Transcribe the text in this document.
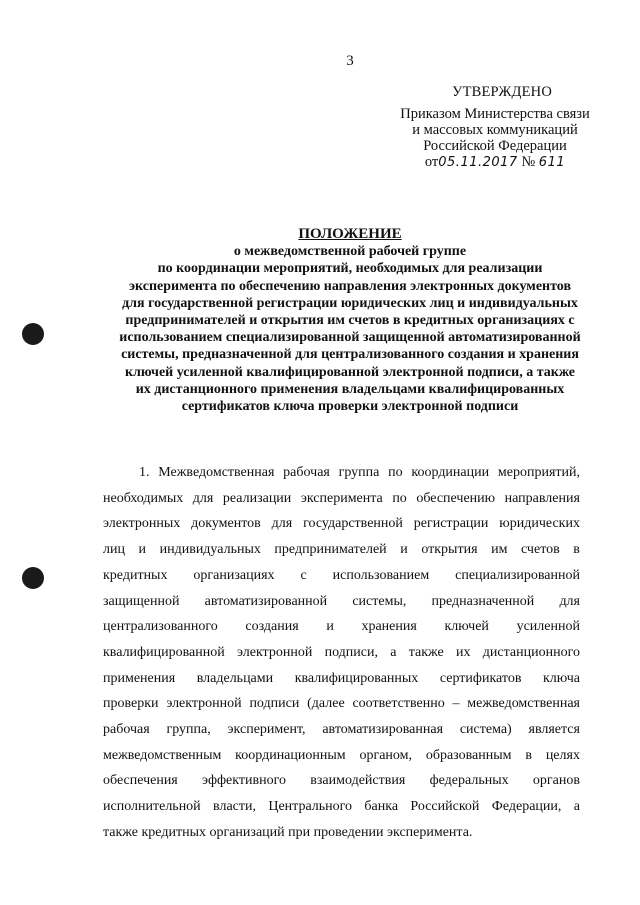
3
УТВЕРЖДЕНО
Приказом Министерства связи
и массовых коммуникаций
Российской Федерации
от05.11.2017 № 611
ПОЛОЖЕНИЕ
о межведомственной рабочей группе
по координации мероприятий, необходимых для реализации
эксперимента по обеспечению направления электронных документов
для государственной регистрации юридических лиц и индивидуальных
предпринимателей и открытия им счетов в кредитных организациях с
использованием специализированной защищенной автоматизированной
системы, предназначенной для централизованного создания и хранения
ключей усиленной квалифицированной электронной подписи, а также
их дистанционного применения владельцами квалифицированных
сертификатов ключа проверки электронной подписи
1. Межведомственная рабочая группа по координации мероприятий,
необходимых для реализации эксперимента по обеспечению направления
электронных документов для государственной регистрации юридических
лиц и индивидуальных предпринимателей и открытия им счетов в
кредитных организациях с использованием специализированной
защищенной автоматизированной системы, предназначенной для
централизованного создания и хранения ключей усиленной
квалифицированной электронной подписи, а также их дистанционного
применения владельцами квалифицированных сертификатов ключа
проверки электронной подписи (далее соответственно – межведомственная
рабочая группа, эксперимент, автоматизированная система) является
межведомственным координационным органом, образованным в целях
обеспечения эффективного взаимодействия федеральных органов
исполнительной власти, Центрального банка Российской Федерации, а
также кредитных организаций при проведении эксперимента.
